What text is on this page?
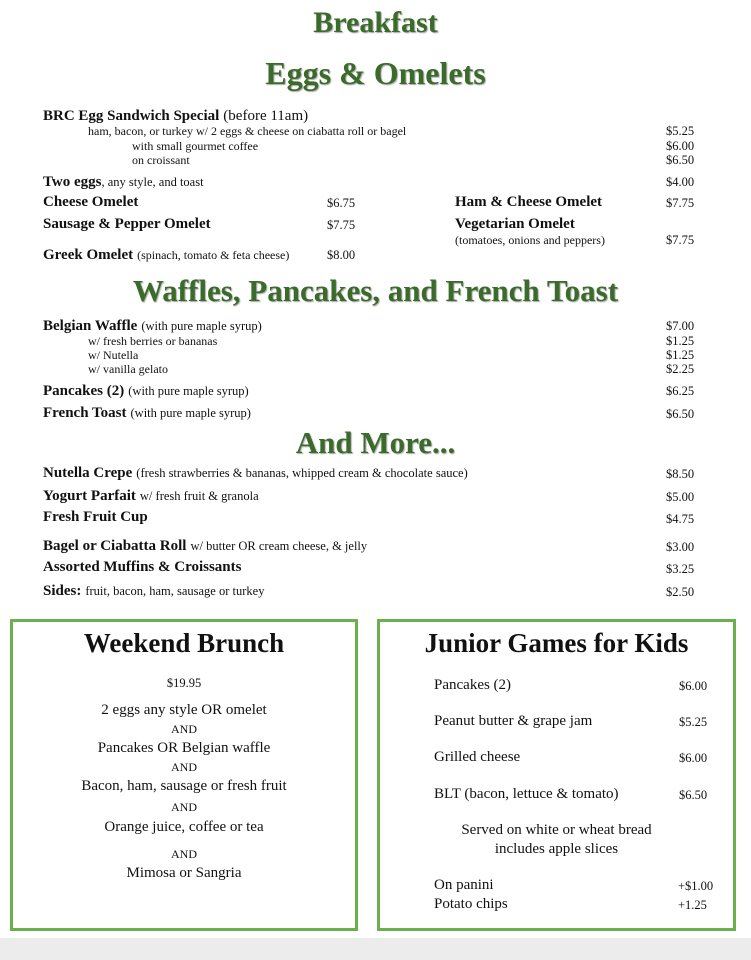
Breakfast
Eggs & Omelets
BRC Egg Sandwich Special (before 11am)
ham, bacon, or turkey w/ 2 eggs & cheese on ciabatta roll or bagel	$5.25
with small gourmet coffee	$6.00
on croissant	$6.50
Two eggs, any style, and toast	$4.00
Cheese Omelet	$6.75	Ham & Cheese Omelet	$7.75
Sausage & Pepper Omelet	$7.75	Vegetarian Omelet
(tomatoes, onions and peppers)	$7.75
Greek Omelet (spinach, tomato & feta cheese)	$8.00
Waffles, Pancakes, and French Toast
Belgian Waffle (with pure maple syrup)	$7.00
w/ fresh berries or bananas	$1.25
w/ Nutella	$1.25
w/ vanilla gelato	$2.25
Pancakes (2) (with pure maple syrup)	$6.25
French Toast (with pure maple syrup)	$6.50
And More...
Nutella Crepe (fresh strawberries & bananas, whipped cream & chocolate sauce)	$8.50
Yogurt Parfait w/ fresh fruit & granola	$5.00
Fresh Fruit Cup	$4.75
Bagel or Ciabatta Roll w/ butter OR cream cheese, & jelly	$3.00
Assorted Muffins & Croissants	$3.25
Sides: fruit, bacon, ham, sausage or turkey	$2.50
Weekend Brunch
$19.95
2 eggs any style OR omelet
AND
Pancakes OR Belgian waffle
AND
Bacon, ham, sausage or fresh fruit
AND
Orange juice, coffee or tea
AND
Mimosa or Sangria
Junior Games for Kids
Pancakes (2)	$6.00
Peanut butter & grape jam	$5.25
Grilled cheese	$6.00
BLT (bacon, lettuce & tomato)	$6.50
Served on white or wheat bread
includes apple slices
On panini	+$1.00
Potato chips	+1.25
